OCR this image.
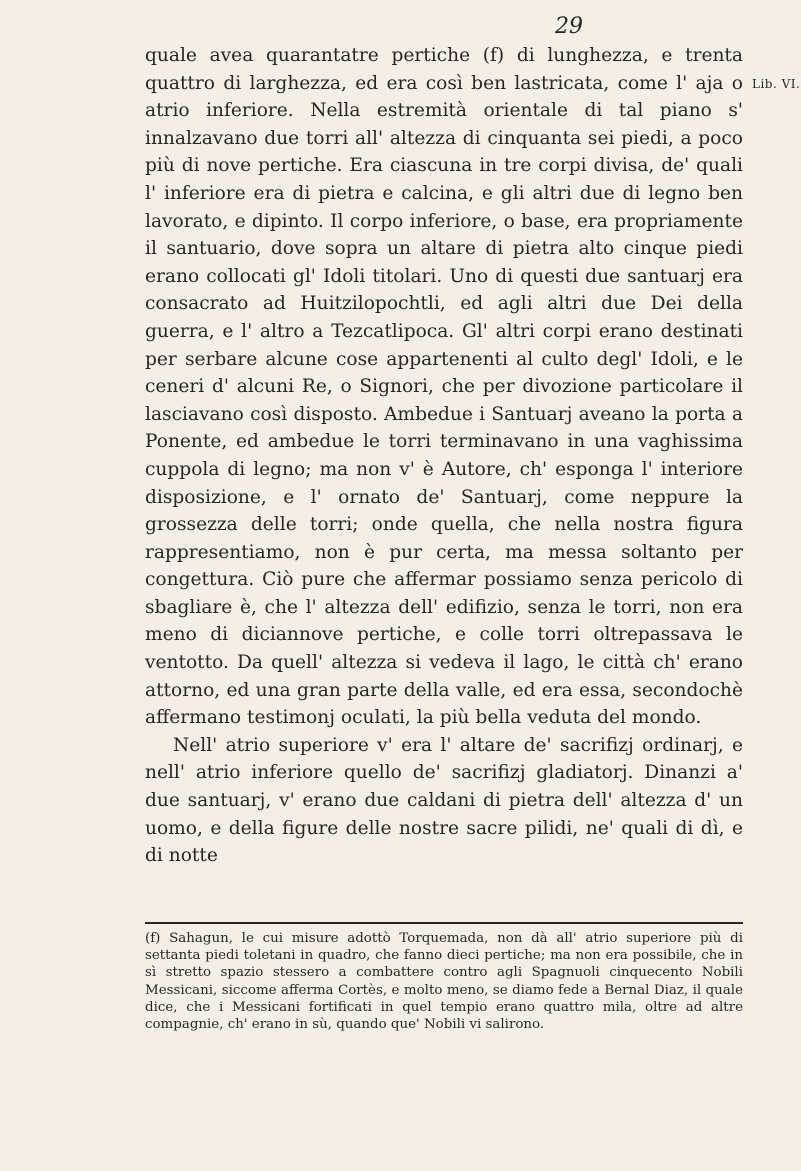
29
Lib. VI.

quale avea quarantatre pertiche (f) di lunghezza, e trenta quattro di larghezza, ed era così ben lastricata, come l' aja o atrio inferiore. Nella estremità orientale di tal piano s' innalzavano due torri all' altezza di cinquanta sei piedi, a poco più di nove pertiche. Era ciascuna in tre corpi divisa, de' quali l' inferiore era di pietra e calcina, e gli altri due di legno ben lavorato, e dipinto. Il corpo inferiore, o base, era propriamente il santuario, dove sopra un altare di pietra alto cinque piedi erano collocati gl' Idoli titolari. Uno di questi due santuarj era consacrato ad Huitzilopochtli, ed agli altri due Dei della guerra, e l' altro a Tezcatlipoca. Gl' altri corpi erano destinati per serbare alcune cose appartenenti al culto degl' Idoli, e le ceneri d' alcuni Re, o Signori, che per divozione particolare il lasciavano così disposto. Ambedue i Santuarj aveano la porta a Ponente, ed ambedue le torri terminavano in una vaghissima cuppola di legno; ma non v' è Autore, ch' esponga l' interiore disposizione, e l' ornato de' Santuarj, come neppure la grossezza delle torri; onde quella, che nella nostra figura rappresentiamo, non è pur certa, ma messa soltanto per congettura. Ciò pure che affermar possiamo senza pericolo di sbagliare è, che l' altezza dell' edifizio, senza le torri, non era meno di diciannove pertiche, e colle torri oltrepassava le ventotto. Da quell' altezza si vedeva il lago, le città ch' erano attorno, ed una gran parte della valle, ed era essa, secondochè affermano testimonj oculati, la più bella veduta del mondo.

Nell' atrio superiore v' era l' altare de' sacrifizj ordinarj, e nell' atrio inferiore quello de' sacrifizj gladiatorj. Dinanzi a' due santuarj, v' erano due caldani di pietra dell' altezza d' un uomo, e della figure delle nostre sacre pilidi, ne' quali di dì, e di notte

(f) Sahagun, le cui misure adottò Torquemada, non dà all' atrio superiore più di settanta piedi toletani in quadro, che fanno dieci pertiche; ma non era possibile, che in sì stretto spazio stessero a combattere contro agli Spagnuoli cinquecento Nobili Messicani, siccome afferma Cortès, e molto meno, se diamo fede a Bernal Diaz, il quale dice, che i Messicani fortificati in quel tempio erano quattro mila, oltre ad altre compagnie, ch' erano in sù, quando que' Nobili vi salirono.
